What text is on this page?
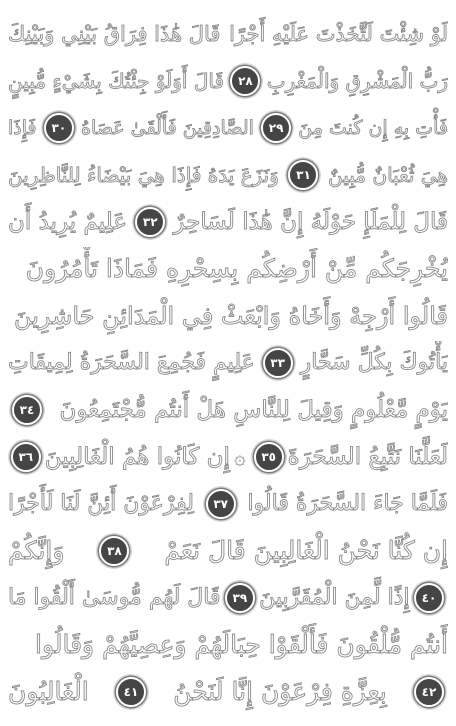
لَوْ شِئْتَ لَتَّخَذْتَ عَلَيْهِ أَجْرًا
قَالَ هَٰذَا فِرَاقُ بَيْنِي وَبَيْنِكَ
رَبُّ الْمَشْرِقِ وَالْمَغْرِبِ
٢٨
قَالَ أَوَلَوْ جِئْتُكَ بِشَيْءٍ مُّبِينٍ
فَأْتِ بِهِ إِن كُنتَ مِنَ
٢٩
الصَّادِقِينَ فَأَلْقَىٰ عَصَاهُ
٣٠
فَإِذَا
هِيَ ثُعْبَانٌ مُّبِينٌ
٣١
وَنَزَعَ يَدَهُ فَإِذَا هِيَ بَيْضَاءُ لِلنَّاظِرِينَ
قَالَ لِلْمَلَإِ حَوْلَهُ إِنَّ هَٰذَا لَسَاحِرٌ
٣٢
عَلِيمٌ يُرِيدُ أَن
يُخْرِجَكُم مِّنْ أَرْضِكُم بِسِحْرِهِ فَمَاذَا تَأْمُرُونَ
قَالُوا أَرْجِهْ وَأَخَاهُ وَابْعَثْ فِي الْمَدَائِنِ حَاشِرِينَ
يَأْتُوكَ بِكُلِّ سَحَّارٍ
٣٣
عَلِيمٍ فَجُمِعَ السَّحَرَةُ لِمِيقَاتِ
يَوْمٍ مَّعْلُومٍ وَقِيلَ لِلنَّاسِ هَلْ أَنتُم مُّجْتَمِعُونَ
٣٤
لَعَلَّنَا نَتَّبِعُ السَّحَرَةَ
٣٥
۞
إِن كَانُوا هُمُ الْغَالِبِينَ
٣٦
فَلَمَّا جَاءَ السَّحَرَةُ قَالُوا
٣٧
لِفِرْعَوْنَ أَئِنَّ لَنَا لَأَجْرًا
إِن كُنَّا نَحْنُ الْغَالِبِينَ قَالَ نَعَمْ
٣٨
وَإِنَّكُمْ
٤٠
إِذًا لَّمِنَ الْمُقَرَّبِينَ
٣٩
قَالَ لَهُم مُّوسَىٰ أَلْقُوا مَا
أَنتُم مُّلْقُونَ فَأَلْقَوْا حِبَالَهُمْ وَعِصِيَّهُمْ وَقَالُوا
٤٢
بِعِزَّةِ فِرْعَوْنَ إِنَّا لَنَحْنُ
٤١
الْغَالِبُونَ
